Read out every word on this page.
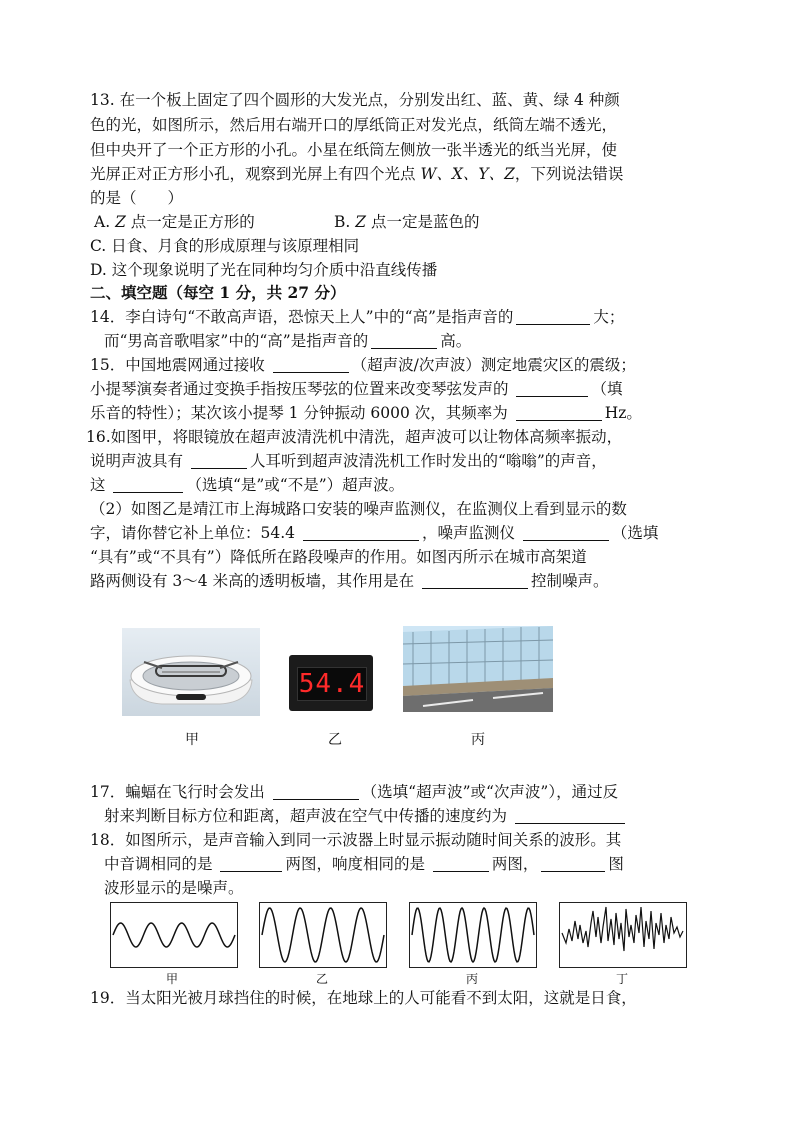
13. 在一个板上固定了四个圆形的大发光点，分别发出红、蓝、黄、绿 4 种颜
色的光，如图所示，然后用右端开口的厚纸筒正对发光点，纸筒左端不透光，
但中央开了一个正方形的小孔。小星在纸筒左侧放一张半透光的纸当光屏，使
光屏正对正方形小孔，观察到光屏上有四个光点 W、X、Y、Z，下列说法错误
的是（　　）
A. Z 点一定是正方形的	B. Z 点一定是蓝色的
C. 日食、月食的形成原理与该原理相同
D. 这个现象说明了光在同种均匀介质中沿直线传播
二、填空题（每空 1 分，共 27 分）
14．李白诗句“不敢高声语，恐惊天上人”中的“高”是指声音的	大；
而“男高音歌唱家”中的“高”是指声音的	高。
15．中国地震网通过接收	（超声波/次声波）测定地震灾区的震级；
小提琴演奏者通过变换手指按压琴弦的位置来改变琴弦发声的	（填
乐音的特性）；某次该小提琴 1 分钟振动 6000 次，其频率为	Hz。
16.如图甲，将眼镜放在超声波清洗机中清洗，超声波可以让物体高频率振动，
说明声波具有	人耳听到超声波清洗机工作时发出的“嗡嗡”的声音，
这	（选填“是”或“不是”）超声波。
（2）如图乙是靖江市上海城路口安装的噪声监测仪，在监测仪上看到显示的数
字，请你替它补上单位：54.4	，噪声监测仪	（选填
“具有”或“不具有”）降低所在路段噪声的作用。如图丙所示在城市高架道
路两侧设有 3～4 米高的透明板墙，其作用是在	控制噪声。
54.4
甲	乙	丙
17．蝙蝠在飞行时会发出	（选填“超声波”或“次声波”），通过反
射来判断目标方位和距离，超声波在空气中传播的速度约为
18．如图所示，是声音输入到同一示波器上时显示振动随时间关系的波形。其
中音调相同的是	两图，响度相同的是	两图，	图
波形显示的是噪声。
甲	乙	丙	丁
19．当太阳光被月球挡住的时候，在地球上的人可能看不到太阳，这就是日食，
